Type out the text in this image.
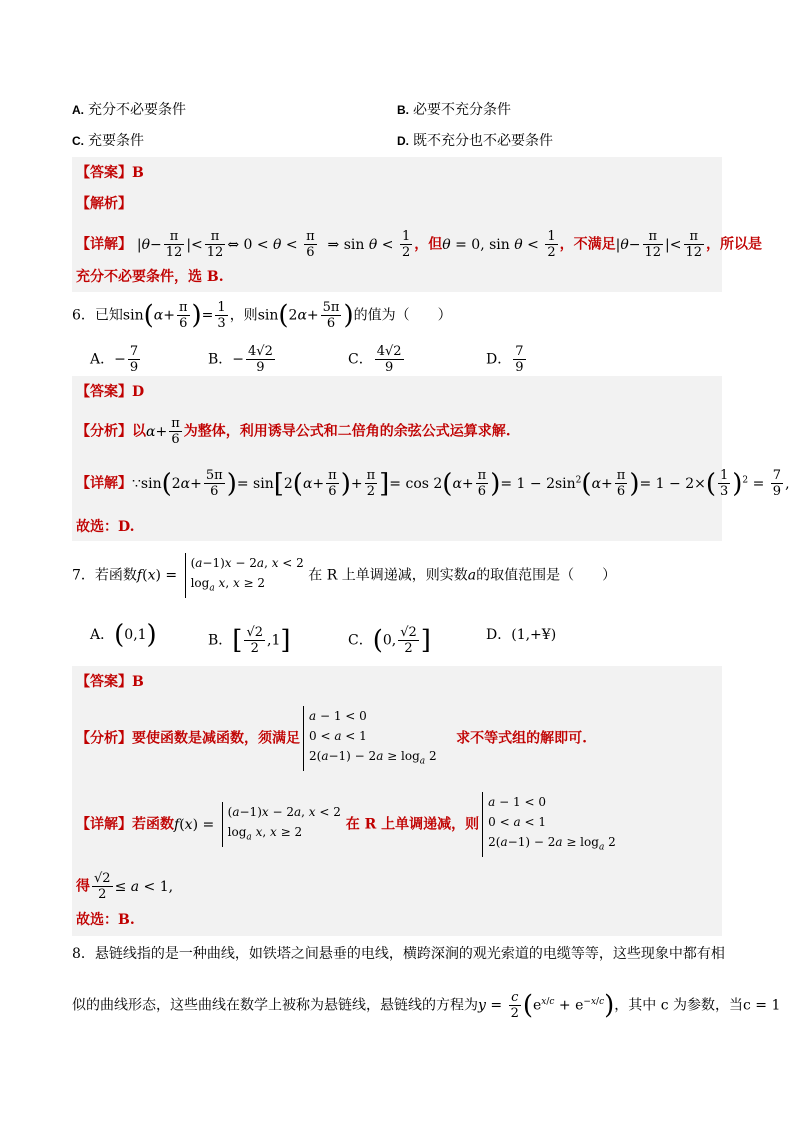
A. 充分不必要条件	B. 必要不充分条件
C. 充要条件	D. 既不充分也不必要条件
【答案】B
【解析】
【详解】 $|\theta- \frac{\pi}{12}$ |< $\frac{\pi}{12}$ ⇔ $0 < \theta < \frac{\pi}{6}$ ⇒ $\sin \theta < \frac{1}{2}$ ，但θ = 0, $\sin \theta < \frac{1}{2}$ ，不满足$|\theta- \frac{\pi}{12}$ |< $\frac{\pi}{12}$ ，所以是
充分不必要条件，选 B.
6．已知$\sin(\alpha+ \frac{\pi}{6}$ )= $\frac{1}{3}$ ，则$\sin(2\alpha+ \frac{5\pi}{6}$ )的值为（　　）
A．− $\frac{7}{9}$	B．− $\frac{4√2}{9}$	C． $\frac{4√2}{9}$	D． $\frac{7}{9}$
【答案】D
【分析】以$\alpha+ \frac{\pi}{6}$ 为整体，利用诱导公式和二倍角的余弦公式运算求解.
【详解】∵sin(2α+ $\frac{5\pi}{6}$ )= $\sin[2(\alpha+ \frac{\pi}{6}$ )+ $\frac{\pi}{2}$ ]= $\cos 2(\alpha+ \frac{\pi}{6}$ )= $1 - 2\sin^2(\alpha+ \frac{\pi}{6}$ )= $1 - 2\times( \frac{1}{3} )^2 = \frac{7}{9}$ ,
故选：D.
7．若函数f(x) =
(a−1)x − 2a, x < 2
$\log_a x$, x ≥ 2	在 R 上单调递减，则实数a的取值范围是（　　）
A．(0,1)	B．[ $\frac{√2}{2} ,1$]	C．(0, $\frac{√2}{2}$ ]	D．(1,+¥)
【答案】B
【分析】要使函数是减函数，须满足
a − 1 < 0
0 < a < 1
$2(a-1) - 2a \ge \log_a 2$
求不等式组的解即可.
【详解】若函数f(x) =
(a−1)x − 2a, x < 2
$\log_a x$, x ≥ 2	在 R 上单调递减，则
a − 1 < 0
0 < a < 1
$2(a-1) - 2a \ge \log_a 2$
得 $\frac{√2}{2} \le a < 1$,
故选：B.
8．悬链线指的是一种曲线，如铁塔之间悬垂的电线，横跨深涧的观光索道的电缆等等，这些现象中都有相
似的曲线形态，这些曲线在数学上被称为悬链线，悬链线的方程为$y = \frac{c}{2} (e^{x/c} + e^{-x/c})$，其中 c 为参数，当c = 1
